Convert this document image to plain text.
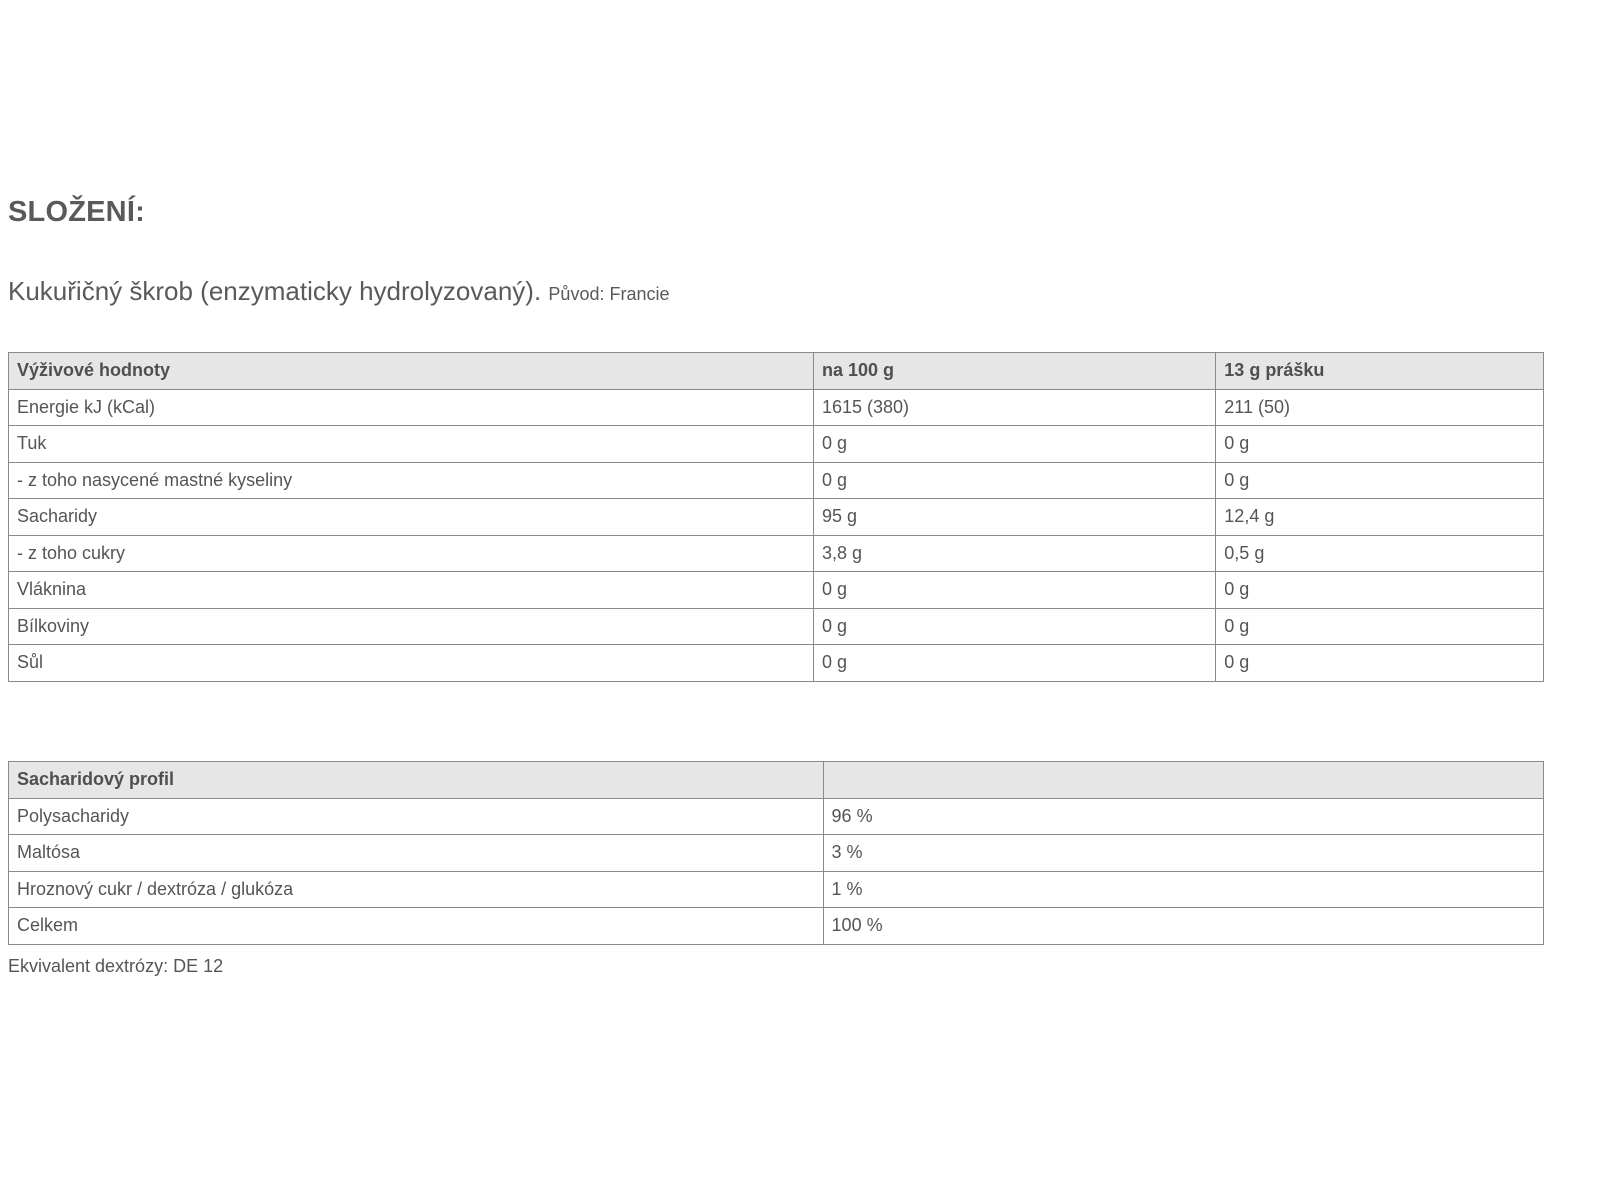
SLOŽENÍ:

Kukuřičný škrob (enzymaticky hydrolyzovaný). Původ: Francie

Výživové hodnoty	na 100 g	13 g prášku
Energie kJ (kCal)	1615 (380)	211 (50)
Tuk	0 g	0 g
- z toho nasycené mastné kyseliny	0 g	0 g
Sacharidy	95 g	12,4 g
- z toho cukry	3,8 g	0,5 g
Vláknina	0 g	0 g
Bílkoviny	0 g	0 g
Sůl	0 g	0 g
Sacharidový profil	
Polysacharidy	96 %
Maltósa	3 %
Hroznový cukr / dextróza / glukóza	1 %
Celkem	100 %

Ekvivalent dextrózy: DE 12
